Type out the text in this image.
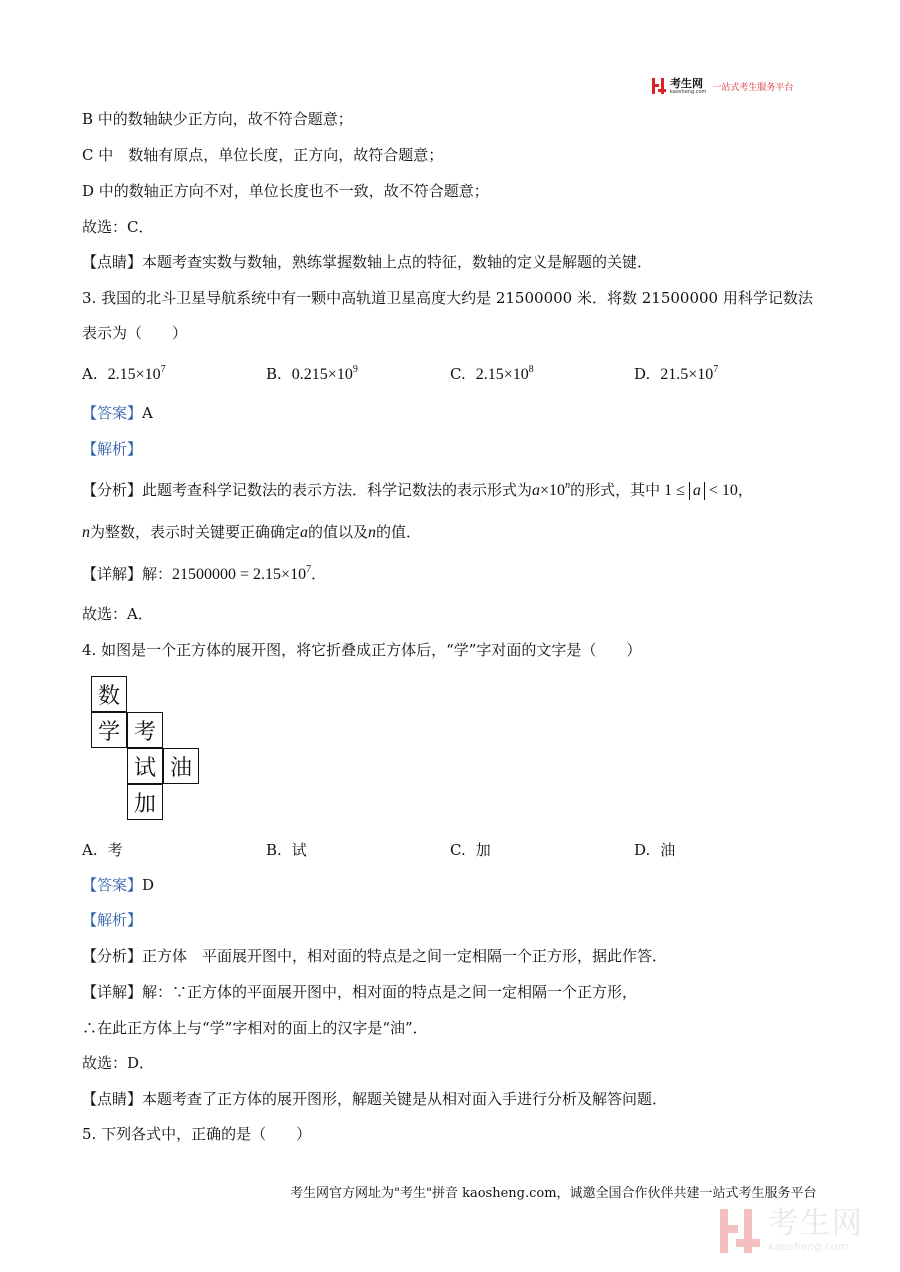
考生网
kaosheng.com 一站式考生服务平台
B 中的数轴缺少正方向，故不符合题意；
C 中　数轴有原点，单位长度，正方向，故符合题意；
D 中的数轴正方向不对，单位长度也不一致，故不符合题意；
故选：C．
【点睛】本题考查实数与数轴，熟练掌握数轴上点的特征，数轴的定义是解题的关键．
3. 我国的北斗卫星导航系统中有一颗中高轨道卫星高度大约是 21500000 米．将数 21500000 用科学记数法
表示为（　　）
A. $2.15\times 10^7$	B. $0.215\times 10^9$	C. $2.15\times 10^8$	D. $21.5\times 10^7$
【答案】A
【解析】
【分析】此题考查科学记数法的表示方法．科学记数法的表示形式为$a\times 10^n$的形式，其中 1 ≤ a < 10，
n为整数，表示时关键要正确确定a的值以及n的值．
【详解】解：$21500000 = 2.15\times 10^7$．
故选：A．
4. 如图是一个正方体的展开图，将它折叠成正方体后，“学”字对面的文字是（　　）
数
学 考
试 油
加
A. 考	B. 试	C. 加	D. 油
【答案】D
【解析】
【分析】正方体　平面展开图中，相对面的特点是之间一定相隔一个正方形，据此作答．
【详解】解：∵正方体的平面展开图中，相对面的特点是之间一定相隔一个正方形，
∴在此正方体上与“学”字相对的面上的汉字是“油”．
故选：D．
【点睛】本题考查了正方体的展开图形，解题关键是从相对面入手进行分析及解答问题．
5. 下列各式中，正确的是（　　）
考生网官方网址为"考生"拼音 kaosheng.com，诚邀全国合作伙伴共建一站式考生服务平台
考生网
kaosheng.com
